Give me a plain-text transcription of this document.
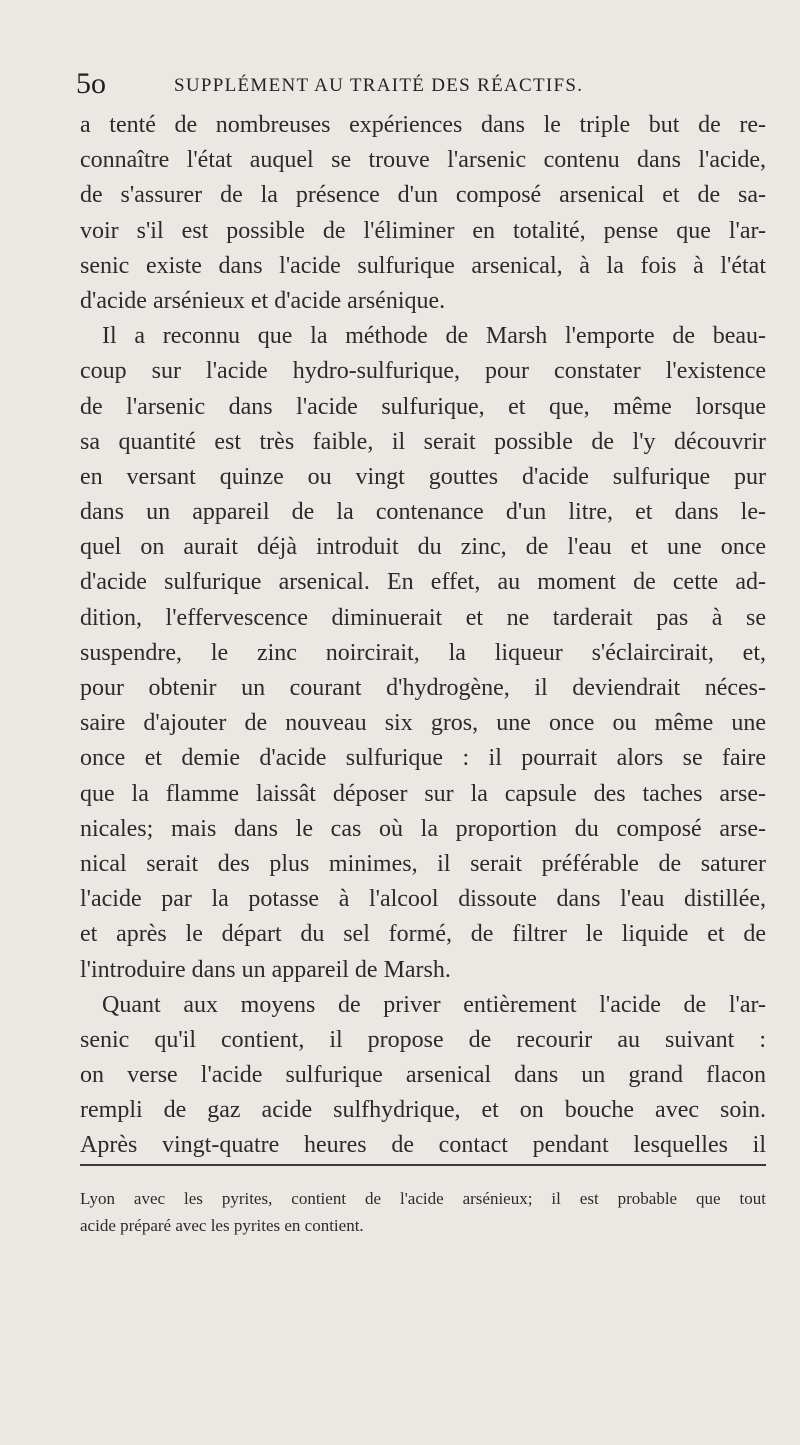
5o	SUPPLÉMENT AU TRAITÉ DES RÉACTIFS.
a tenté de nombreuses expériences dans le triple but de re-
connaître l'état auquel se trouve l'arsenic contenu dans l'acide,
de s'assurer de la présence d'un composé arsenical et de sa-
voir s'il est possible de l'éliminer en totalité, pense que l'ar-
senic existe dans l'acide sulfurique arsenical, à la fois à l'état
d'acide arsénieux et d'acide arsénique.
Il a reconnu que la méthode de Marsh l'emporte de beau-
coup sur l'acide hydro-sulfurique, pour constater l'existence
de l'arsenic dans l'acide sulfurique, et que, même lorsque
sa quantité est très faible, il serait possible de l'y découvrir
en versant quinze ou vingt gouttes d'acide sulfurique pur
dans un appareil de la contenance d'un litre, et dans le-
quel on aurait déjà introduit du zinc, de l'eau et une once
d'acide sulfurique arsenical. En effet, au moment de cette ad-
dition, l'effervescence diminuerait et ne tarderait pas à se
suspendre, le zinc noircirait, la liqueur s'éclaircirait, et,
pour obtenir un courant d'hydrogène, il deviendrait néces-
saire d'ajouter de nouveau six gros, une once ou même une
once et demie d'acide sulfurique : il pourrait alors se faire
que la flamme laissât déposer sur la capsule des taches arse-
nicales; mais dans le cas où la proportion du composé arse-
nical serait des plus minimes, il serait préférable de saturer
l'acide par la potasse à l'alcool dissoute dans l'eau distillée,
et après le départ du sel formé, de filtrer le liquide et de
l'introduire dans un appareil de Marsh.
Quant aux moyens de priver entièrement l'acide de l'ar-
senic qu'il contient, il propose de recourir au suivant :
on verse l'acide sulfurique arsenical dans un grand flacon
rempli de gaz acide sulfhydrique, et on bouche avec soin.
Après vingt-quatre heures de contact pendant lesquelles il
Lyon avec les pyrites, contient de l'acide arsénieux; il est probable que tout
acide préparé avec les pyrites en contient.
